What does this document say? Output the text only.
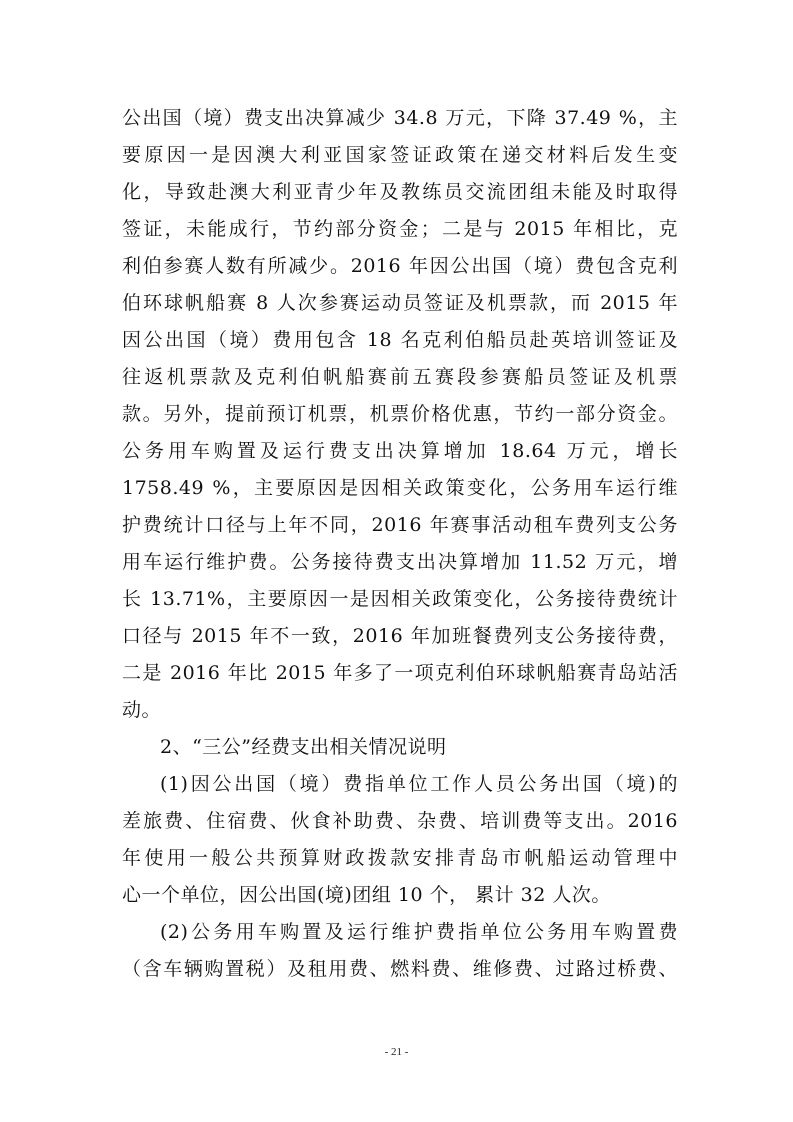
公出国（境）费支出决算减少 34.8 万元，下降 37.49 %，主
要原因一是因澳大利亚国家签证政策在递交材料后发生变
化，导致赴澳大利亚青少年及教练员交流团组未能及时取得
签证，未能成行，节约部分资金；二是与 2015 年相比，克
利伯参赛人数有所减少。2016 年因公出国（境）费包含克利
伯环球帆船赛 8 人次参赛运动员签证及机票款，而 2015 年
因公出国（境）费用包含 18 名克利伯船员赴英培训签证及
往返机票款及克利伯帆船赛前五赛段参赛船员签证及机票
款。另外，提前预订机票，机票价格优惠，节约一部分资金。
公务用车购置及运行费支出决算增加 18.64 万元，增长
1758.49 %，主要原因是因相关政策变化，公务用车运行维
护费统计口径与上年不同，2016 年赛事活动租车费列支公务
用车运行维护费。公务接待费支出决算增加 11.52 万元，增
长 13.71%，主要原因一是因相关政策变化，公务接待费统计
口径与 2015 年不一致，2016 年加班餐费列支公务接待费，
二是 2016 年比 2015 年多了一项克利伯环球帆船赛青岛站活
动。
2、“三公”经费支出相关情况说明
(1)因公出国（境）费指单位工作人员公务出国（境)的
差旅费、住宿费、伙食补助费、杂费、培训费等支出。2016
年使用一般公共预算财政拨款安排青岛市帆船运动管理中
心一个单位，因公出国(境)团组 10 个， 累计 32 人次。
(2)公务用车购置及运行维护费指单位公务用车购置费
（含车辆购置税）及租用费、燃料费、维修费、过路过桥费、
- 21 -
